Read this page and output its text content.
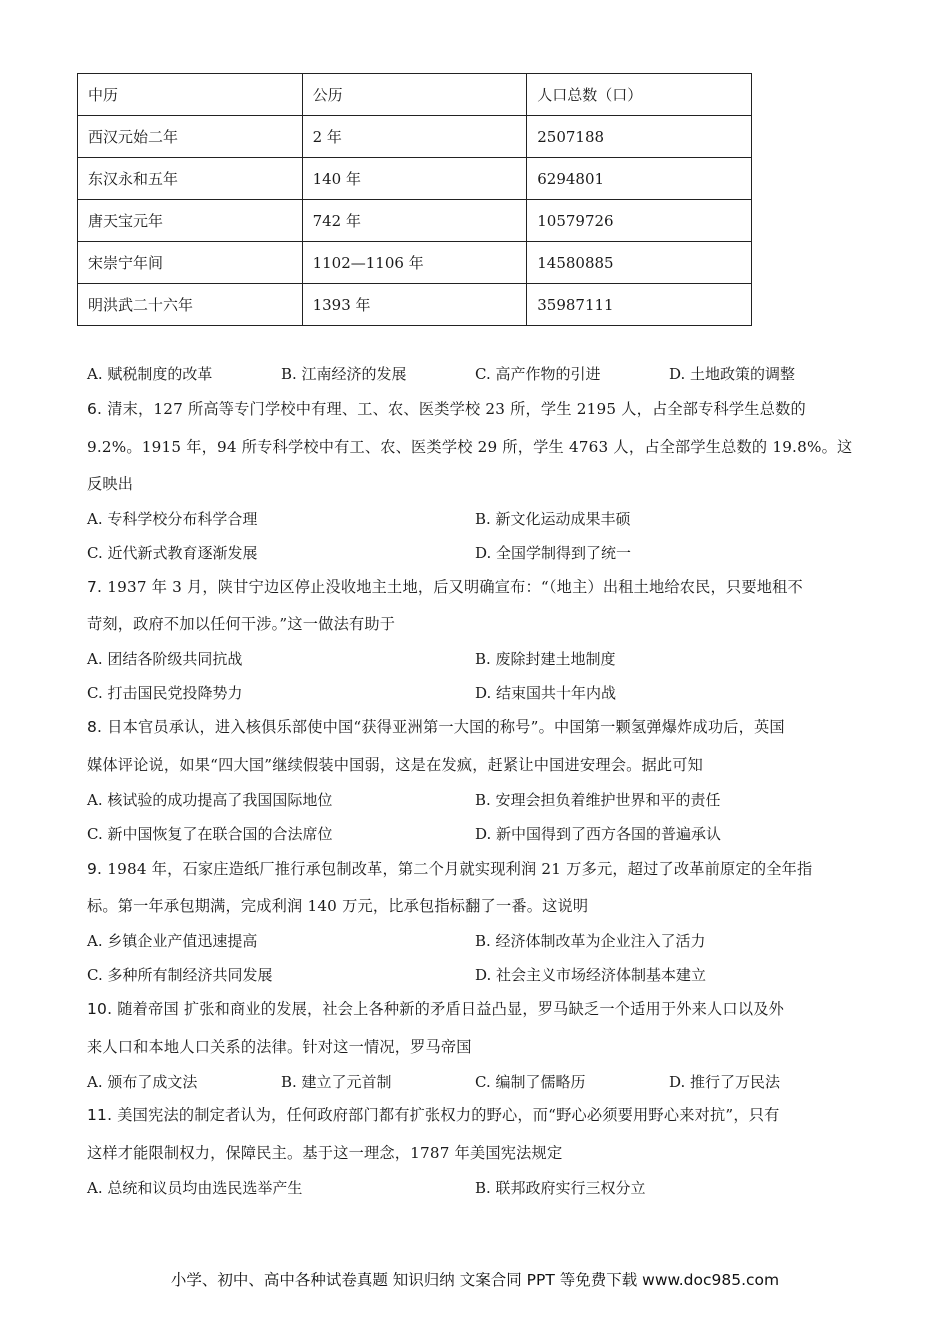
中历	公历	人口总数（口）
西汉元始二年	2 年	2507188
东汉永和五年	140 年	6294801
唐天宝元年	742 年	10579726
宋崇宁年间	1102—1106 年	14580885
明洪武二十六年	1393 年	35987111
A. 赋税制度的改革	B. 江南经济的发展	C. 高产作物的引进	D. 土地政策的调整
6. 清末，127 所高等专门学校中有理、工、农、医类学校 23 所，学生 2195 人，占全部专科学生总数的
9.2%。1915 年，94 所专科学校中有工、农、医类学校 29 所，学生 4763 人，占全部学生总数的 19.8%。这
反映出
A. 专科学校分布科学合理	B. 新文化运动成果丰硕
C. 近代新式教育逐渐发展	D. 全国学制得到了统一
7. 1937 年 3 月，陕甘宁边区停止没收地主土地，后又明确宣布：“（地主）出租土地给农民，只要地租不
苛刻，政府不加以任何干涉。”这一做法有助于
A. 团结各阶级共同抗战	B. 废除封建土地制度
C. 打击国民党投降势力	D. 结束国共十年内战
8. 日本官员承认，进入核俱乐部使中国“获得亚洲第一大国的称号”。中国第一颗氢弹爆炸成功后，英国
媒体评论说，如果“四大国”继续假装中国弱，这是在发疯，赶紧让中国进安理会。据此可知
A. 核试验的成功提高了我国国际地位	B. 安理会担负着维护世界和平的责任
C. 新中国恢复了在联合国的合法席位	D. 新中国得到了西方各国的普遍承认
9. 1984 年，石家庄造纸厂推行承包制改革，第二个月就实现利润 21 万多元，超过了改革前原定的全年指
标。第一年承包期满，完成利润 140 万元，比承包指标翻了一番。这说明
A. 乡镇企业产值迅速提高	B. 经济体制改革为企业注入了活力
C. 多种所有制经济共同发展	D. 社会主义市场经济体制基本建立
10. 随着帝国 扩张和商业的发展，社会上各种新的矛盾日益凸显，罗马缺乏一个适用于外来人口以及外
来人口和本地人口关系的法律。针对这一情况，罗马帝国
A. 颁布了成文法	B. 建立了元首制	C. 编制了儒略历	D. 推行了万民法
11. 美国宪法的制定者认为，任何政府部门都有扩张权力的野心，而“野心必须要用野心来对抗”，只有
这样才能限制权力，保障民主。基于这一理念，1787 年美国宪法规定
A. 总统和议员均由选民选举产生	B. 联邦政府实行三权分立
小学、初中、高中各种试卷真题 知识归纳 文案合同 PPT 等免费下载 www.doc985.com
